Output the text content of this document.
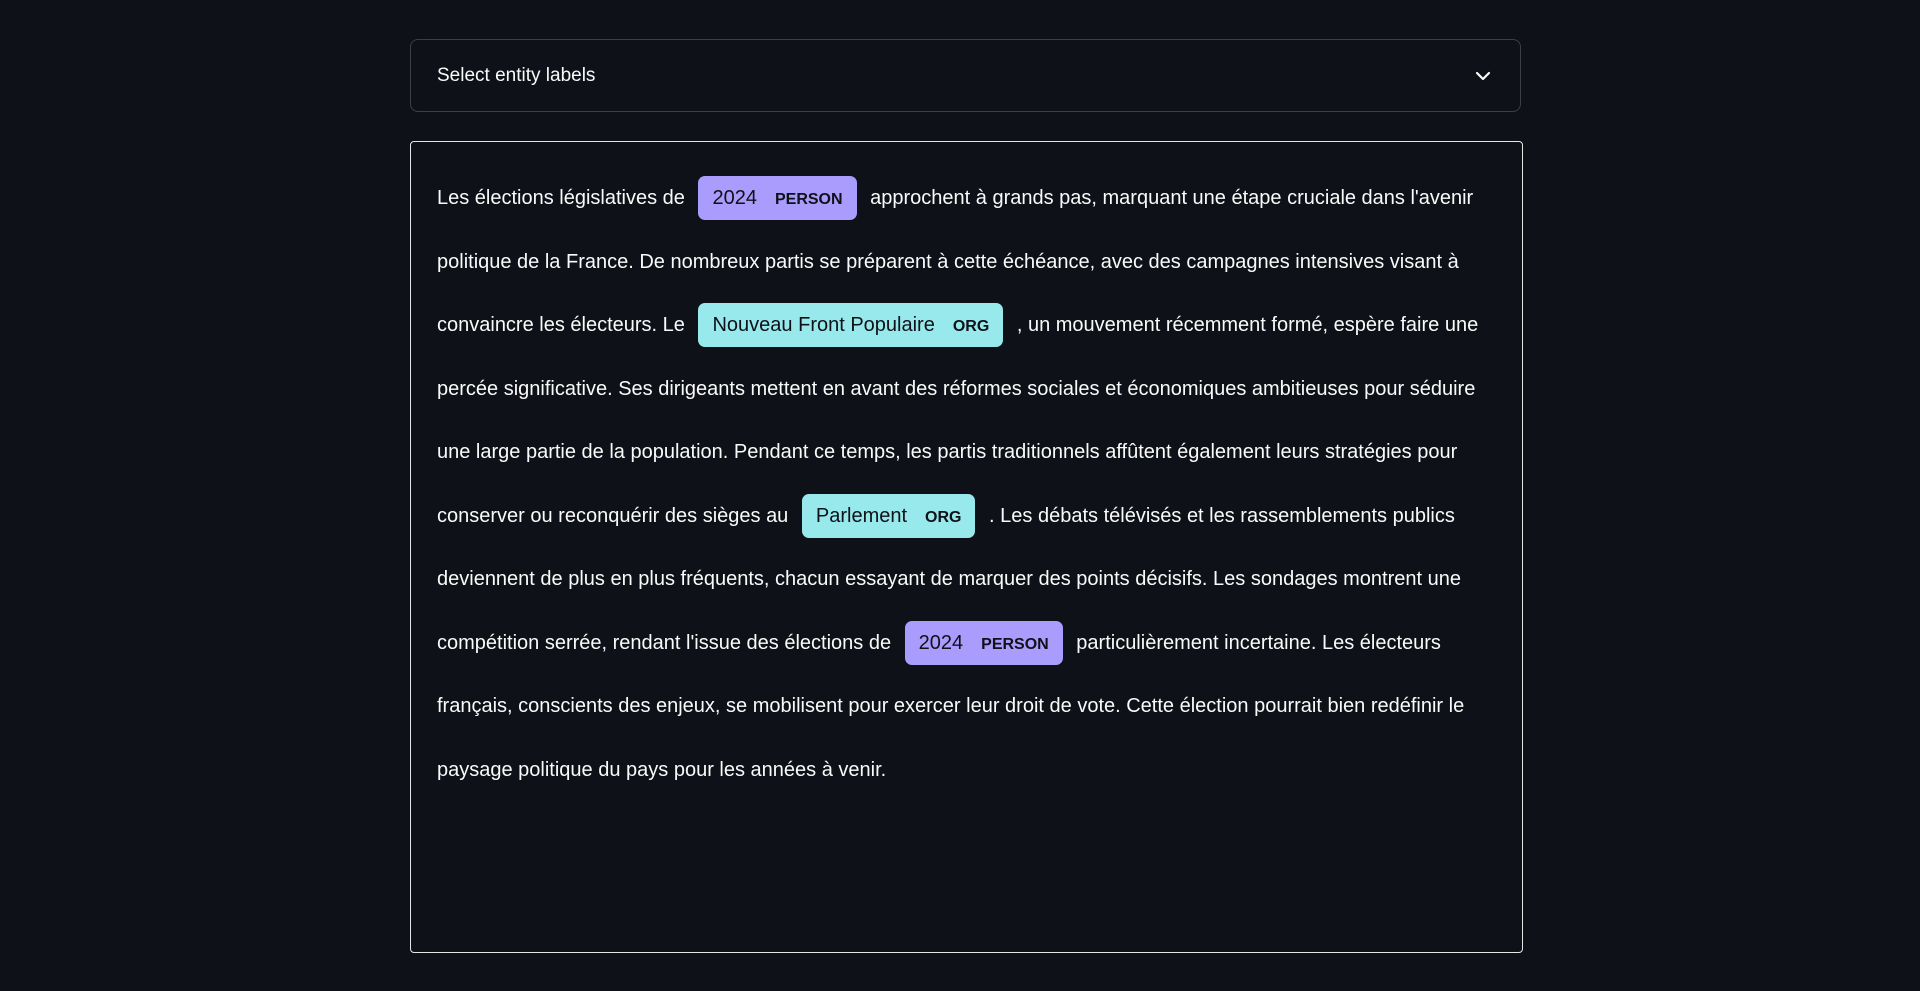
Select entity labels
Les élections législatives de 2024 PERSON approchent à grands pas, marquant une étape cruciale dans l'avenir politique de la France. De nombreux partis se préparent à cette échéance, avec des campagnes intensives visant à convaincre les électeurs. Le Nouveau Front Populaire ORG , un mouvement récemment formé, espère faire une percée significative. Ses dirigeants mettent en avant des réformes sociales et économiques ambitieuses pour séduire une large partie de la population. Pendant ce temps, les partis traditionnels affûtent également leurs stratégies pour conserver ou reconquérir des sièges au Parlement ORG . Les débats télévisés et les rassemblements publics deviennent de plus en plus fréquents, chacun essayant de marquer des points décisifs. Les sondages montrent une compétition serrée, rendant l'issue des élections de 2024 PERSON particulièrement incertaine. Les électeurs français, conscients des enjeux, se mobilisent pour exercer leur droit de vote. Cette élection pourrait bien redéfinir le paysage politique du pays pour les années à venir.
